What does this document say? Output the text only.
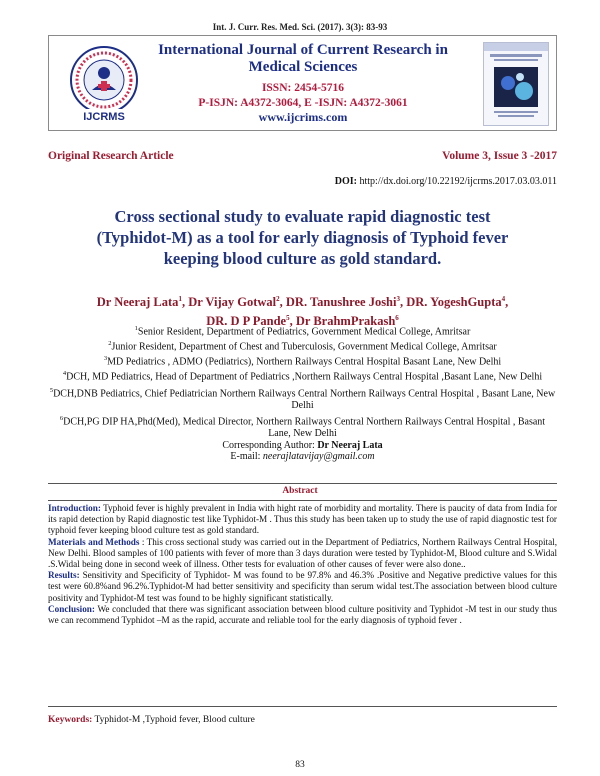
Int. J. Curr. Res. Med. Sci. (2017). 3(3): 83-93
IJCRMS
International Journal of Current Research in
Medical Sciences
ISSN: 2454-5716
P-ISJN: A4372-3064, E -ISJN: A4372-3061
www.ijcrims.com
Original Research Article	Volume 3, Issue 3 -2017
DOI: http://dx.doi.org/10.22192/ijcrms.2017.03.03.011
Cross sectional study to evaluate rapid diagnostic test
(Typhidot-M) as a tool for early diagnosis of Typhoid fever
keeping blood culture as gold standard.
Dr Neeraj Lata$^1$, Dr Vijay Gotwal$^2$, DR. Tanushree Joshi$^3$, DR. YogeshGupta$^4$,
DR. D P Pande$^5$, Dr BrahmPrakash$^6$
$^1$Senior Resident, Department of Pediatrics, Government Medical College, Amritsar
$^2$Junior Resident, Department of Chest and Tuberculosis, Government Medical College, Amritsar
$^3$MD Pediatrics , ADMO (Pediatrics), Northern Railways Central Hospital Basant Lane, New Delhi
$^4$DCH, MD Pediatrics, Head of Department of Pediatrics ,Northern Railways Central Hospital ,Basant Lane, New Delhi
$^5$DCH,DNB Pediatrics, Chief Pediatrician Northern Railways Central Northern Railways Central Hospital , Basant Lane, New Delhi
$^6$DCH,PG DIP HA,Phd(Med), Medical Director, Northern Railways Central Northern Railways Central Hospital , Basant Lane, New Delhi
Corresponding Author: Dr Neeraj Lata
E-mail: neerajlatavijay@gmail.com
Abstract

Introduction: Typhoid fever is highly prevalent in India with hight rate of morbidity and mortality. There is paucity of data from India for its rapid detection by Rapid diagnostic test like Typhidot-M . Thus this study has been taken up to study the use of rapid diagnostic test for typhoid fever keeping blood culture test as gold standard.

Materials and Methods : This cross sectional study was carried out in the Department of Pediatrics, Northern Railways Central Hospital, New Delhi. Blood samples of 100 patients with fever of more than 3 days duration were tested by Typhidot-M, Blood culture and S.Widal .S.Widal being done in second week of illness. Other tests for evaluation of other causes of fever were also done..

Results: Sensitivity and Specificity of Typhidot- M was found to be 97.8% and 46.3% .Positive and Negative predictive values for this test were 60.8%and 96.2%.Typhidot-M had better sensitivity and specificity than serum widal test.The association between blood culture positivity and Typhidot-M test was found to be highly significant statistically.

Conclusion: We concluded that there was significant association between blood culture positivity and Typhidot -M test in our study thus we can recommend Typhidot –M as the rapid, accurate and reliable tool for the early diagnosis of typhoid fever .

Keywords: Typhidot-M ,Typhoid fever, Blood culture
83
